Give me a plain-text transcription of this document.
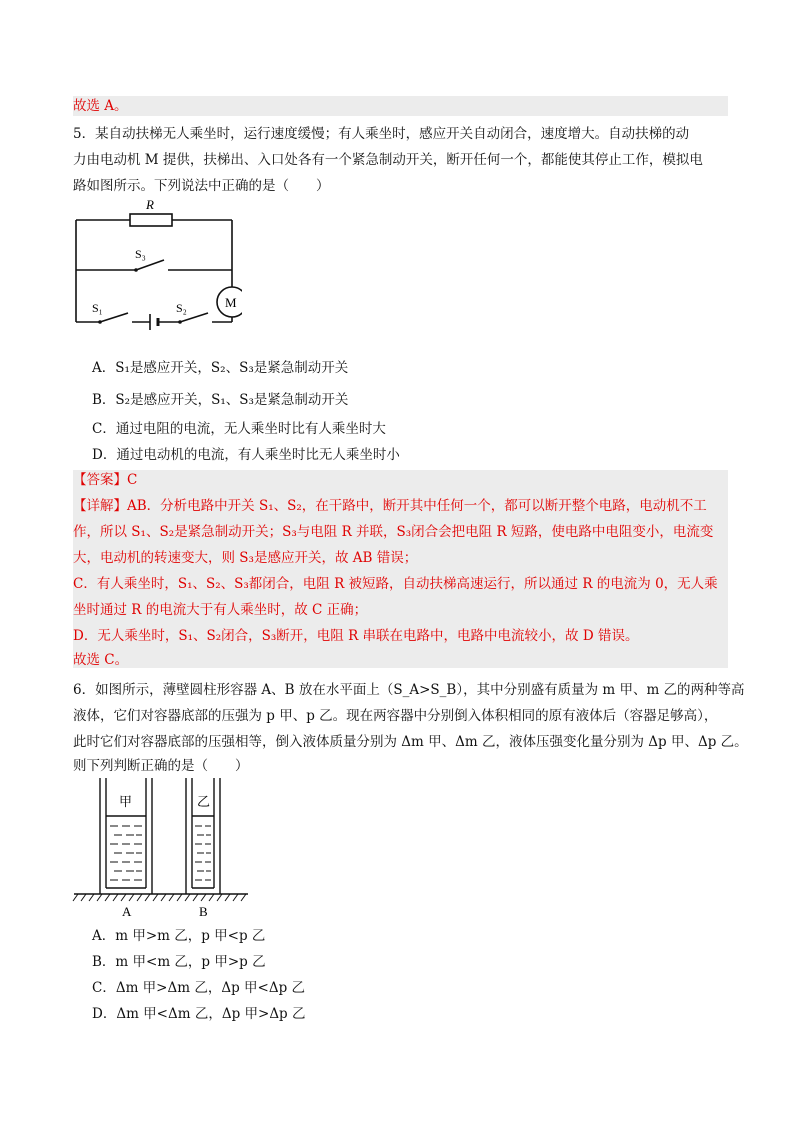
故选 A。
5．某自动扶梯无人乘坐时，运行速度缓慢；有人乘坐时，感应开关自动闭合，速度增大。自动扶梯的动
力由电动机 M 提供，扶梯出、入口处各有一个紧急制动开关，断开任何一个，都能使其停止工作，模拟电
路如图所示。下列说法中正确的是（　　）
R
S₃
S₁	S₂	M
A．S₁是感应开关，S₂、S₃是紧急制动开关
B．S₂是感应开关，S₁、S₃是紧急制动开关
C．通过电阻的电流，无人乘坐时比有人乘坐时大
D．通过电动机的电流，有人乘坐时比无人乘坐时小
【答案】C
【详解】AB．分析电路中开关 S₁、S₂，在干路中，断开其中任何一个，都可以断开整个电路，电动机不工
作，所以 S₁、S₂是紧急制动开关；S₃与电阻 R 并联，S₃闭合会把电阻 R 短路，使电路中电阻变小，电流变
大，电动机的转速变大，则 S₃是感应开关，故 AB 错误；
C．有人乘坐时，S₁、S₂、S₃都闭合，电阻 R 被短路，自动扶梯高速运行，所以通过 R 的电流为 0，无人乘
坐时通过 R 的电流大于有人乘坐时，故 C 正确；
D．无人乘坐时，S₁、S₂闭合，S₃断开，电阻 R 串联在电路中，电路中电流较小，故 D 错误。
故选 C。
6．如图所示，薄壁圆柱形容器 A、B 放在水平面上（S_A>S_B），其中分别盛有质量为 m 甲、m 乙的两种等高
液体，它们对容器底部的压强为 p 甲、p 乙。现在两容器中分别倒入体积相同的原有液体后（容器足够高），
此时它们对容器底部的压强相等，倒入液体质量分别为 Δm 甲、Δm 乙，液体压强变化量分别为 Δp 甲、Δp 乙。
则下列判断正确的是（　　）
甲	乙
A	B
A．m 甲>m 乙，p 甲<p 乙
B．m 甲<m 乙，p 甲>p 乙
C．Δm 甲>Δm 乙，Δp 甲<Δp 乙
D．Δm 甲<Δm 乙，Δp 甲>Δp 乙
